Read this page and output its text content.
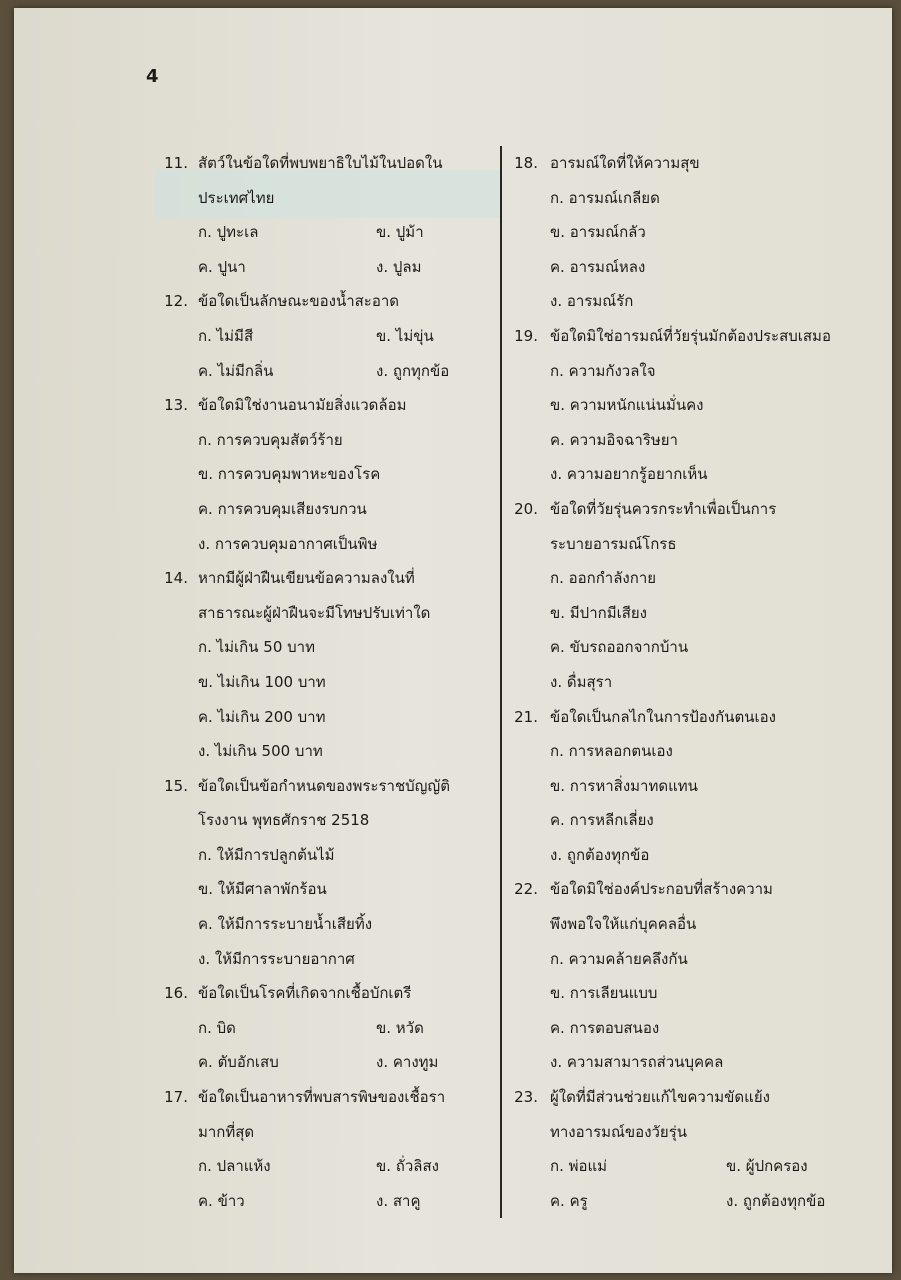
4
11. สัตว์ในข้อใดที่พบพยาธิใบไม้ในปอดใน
ประเทศไทย
ก. ปูทะเล	ข. ปูม้า
ค. ปูนา	ง. ปูลม
12. ข้อใดเป็นลักษณะของน้ำสะอาด
ก. ไม่มีสี	ข. ไม่ขุ่น
ค. ไม่มีกลิ่น	ง. ถูกทุกข้อ
13. ข้อใดมิใช่งานอนามัยสิ่งแวดล้อม
ก. การควบคุมสัตว์ร้าย
ข. การควบคุมพาหะของโรค
ค. การควบคุมเสียงรบกวน
ง. การควบคุมอากาศเป็นพิษ
14. หากมีผู้ฝ่าฝืนเขียนข้อความลงในที่
สาธารณะผู้ฝ่าฝืนจะมีโทษปรับเท่าใด
ก. ไม่เกิน 50 บาท
ข. ไม่เกิน 100 บาท
ค. ไม่เกิน 200 บาท
ง. ไม่เกิน 500 บาท
15. ข้อใดเป็นข้อกำหนดของพระราชบัญญัติ
โรงงาน พุทธศักราช 2518
ก. ให้มีการปลูกต้นไม้
ข. ให้มีศาลาพักร้อน
ค. ให้มีการระบายน้ำเสียทิ้ง
ง. ให้มีการระบายอากาศ
16. ข้อใดเป็นโรคที่เกิดจากเชื้อบักเตรี
ก. บิด	ข. หวัด
ค. ตับอักเสบ	ง. คางทูม
17. ข้อใดเป็นอาหารที่พบสารพิษของเชื้อรา
มากที่สุด
ก. ปลาแห้ง	ข. ถั่วลิสง
ค. ข้าว	ง. สาคู
18. อารมณ์ใดที่ให้ความสุข
ก. อารมณ์เกลียด
ข. อารมณ์กลัว
ค. อารมณ์หลง
ง. อารมณ์รัก
19. ข้อใดมิใช่อารมณ์ที่วัยรุ่นมักต้องประสบเสมอ
ก. ความกังวลใจ
ข. ความหนักแน่นมั่นคง
ค. ความอิจฉาริษยา
ง. ความอยากรู้อยากเห็น
20. ข้อใดที่วัยรุ่นควรกระทำเพื่อเป็นการ
ระบายอารมณ์โกรธ
ก. ออกกำลังกาย
ข. มีปากมีเสียง
ค. ขับรถออกจากบ้าน
ง. ดื่มสุรา
21. ข้อใดเป็นกลไกในการป้องกันตนเอง
ก. การหลอกตนเอง
ข. การหาสิ่งมาทดแทน
ค. การหลีกเลี่ยง
ง. ถูกต้องทุกข้อ
22. ข้อใดมิใช่องค์ประกอบที่สร้างความ
พึงพอใจให้แก่บุคคลอื่น
ก. ความคล้ายคลึงกัน
ข. การเลียนแบบ
ค. การตอบสนอง
ง. ความสามารถส่วนบุคคล
23. ผู้ใดที่มีส่วนช่วยแก้ไขความขัดแย้ง
ทางอารมณ์ของวัยรุ่น
ก. พ่อแม่	ข. ผู้ปกครอง
ค. ครู	ง. ถูกต้องทุกข้อ
